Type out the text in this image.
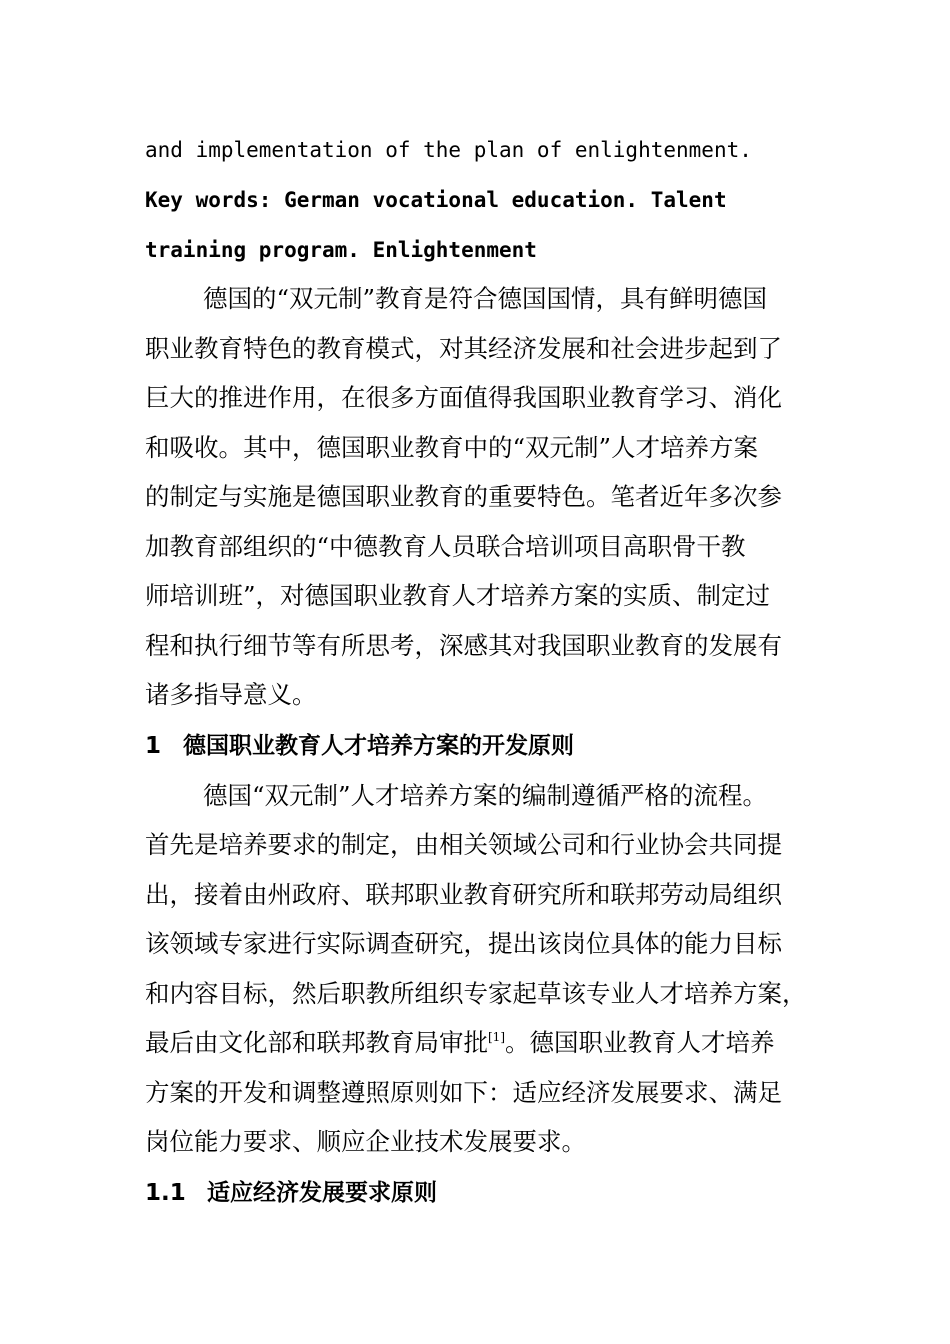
and implementation of the plan of enlightenment.
Key words: German vocational education. Talent
training program. Enlightenment
德国的“双元制”教育是符合德国国情，具有鲜明德国
职业教育特色的教育模式，对其经济发展和社会进步起到了
巨大的推进作用，在很多方面值得我国职业教育学习、消化
和吸收。其中，德国职业教育中的“双元制”人才培养方案
的制定与实施是德国职业教育的重要特色。笔者近年多次参
加教育部组织的“中德教育人员联合培训项目高职骨干教
师培训班”，对德国职业教育人才培养方案的实质、制定过
程和执行细节等有所思考，深感其对我国职业教育的发展有
诸多指导意义。
1 德国职业教育人才培养方案的开发原则
德国“双元制”人才培养方案的编制遵循严格的流程。
首先是培养要求的制定，由相关领域公司和行业协会共同提
出，接着由州政府、联邦职业教育研究所和联邦劳动局组织
该领域专家进行实际调查研究，提出该岗位具体的能力目标
和内容目标，然后职教所组织专家起草该专业人才培养方案，
最后由文化部和联邦教育局审批[1]。德国职业教育人才培养
方案的开发和调整遵照原则如下：适应经济发展要求、满足
岗位能力要求、顺应企业技术发展要求。
1.1 适应经济发展要求原则
